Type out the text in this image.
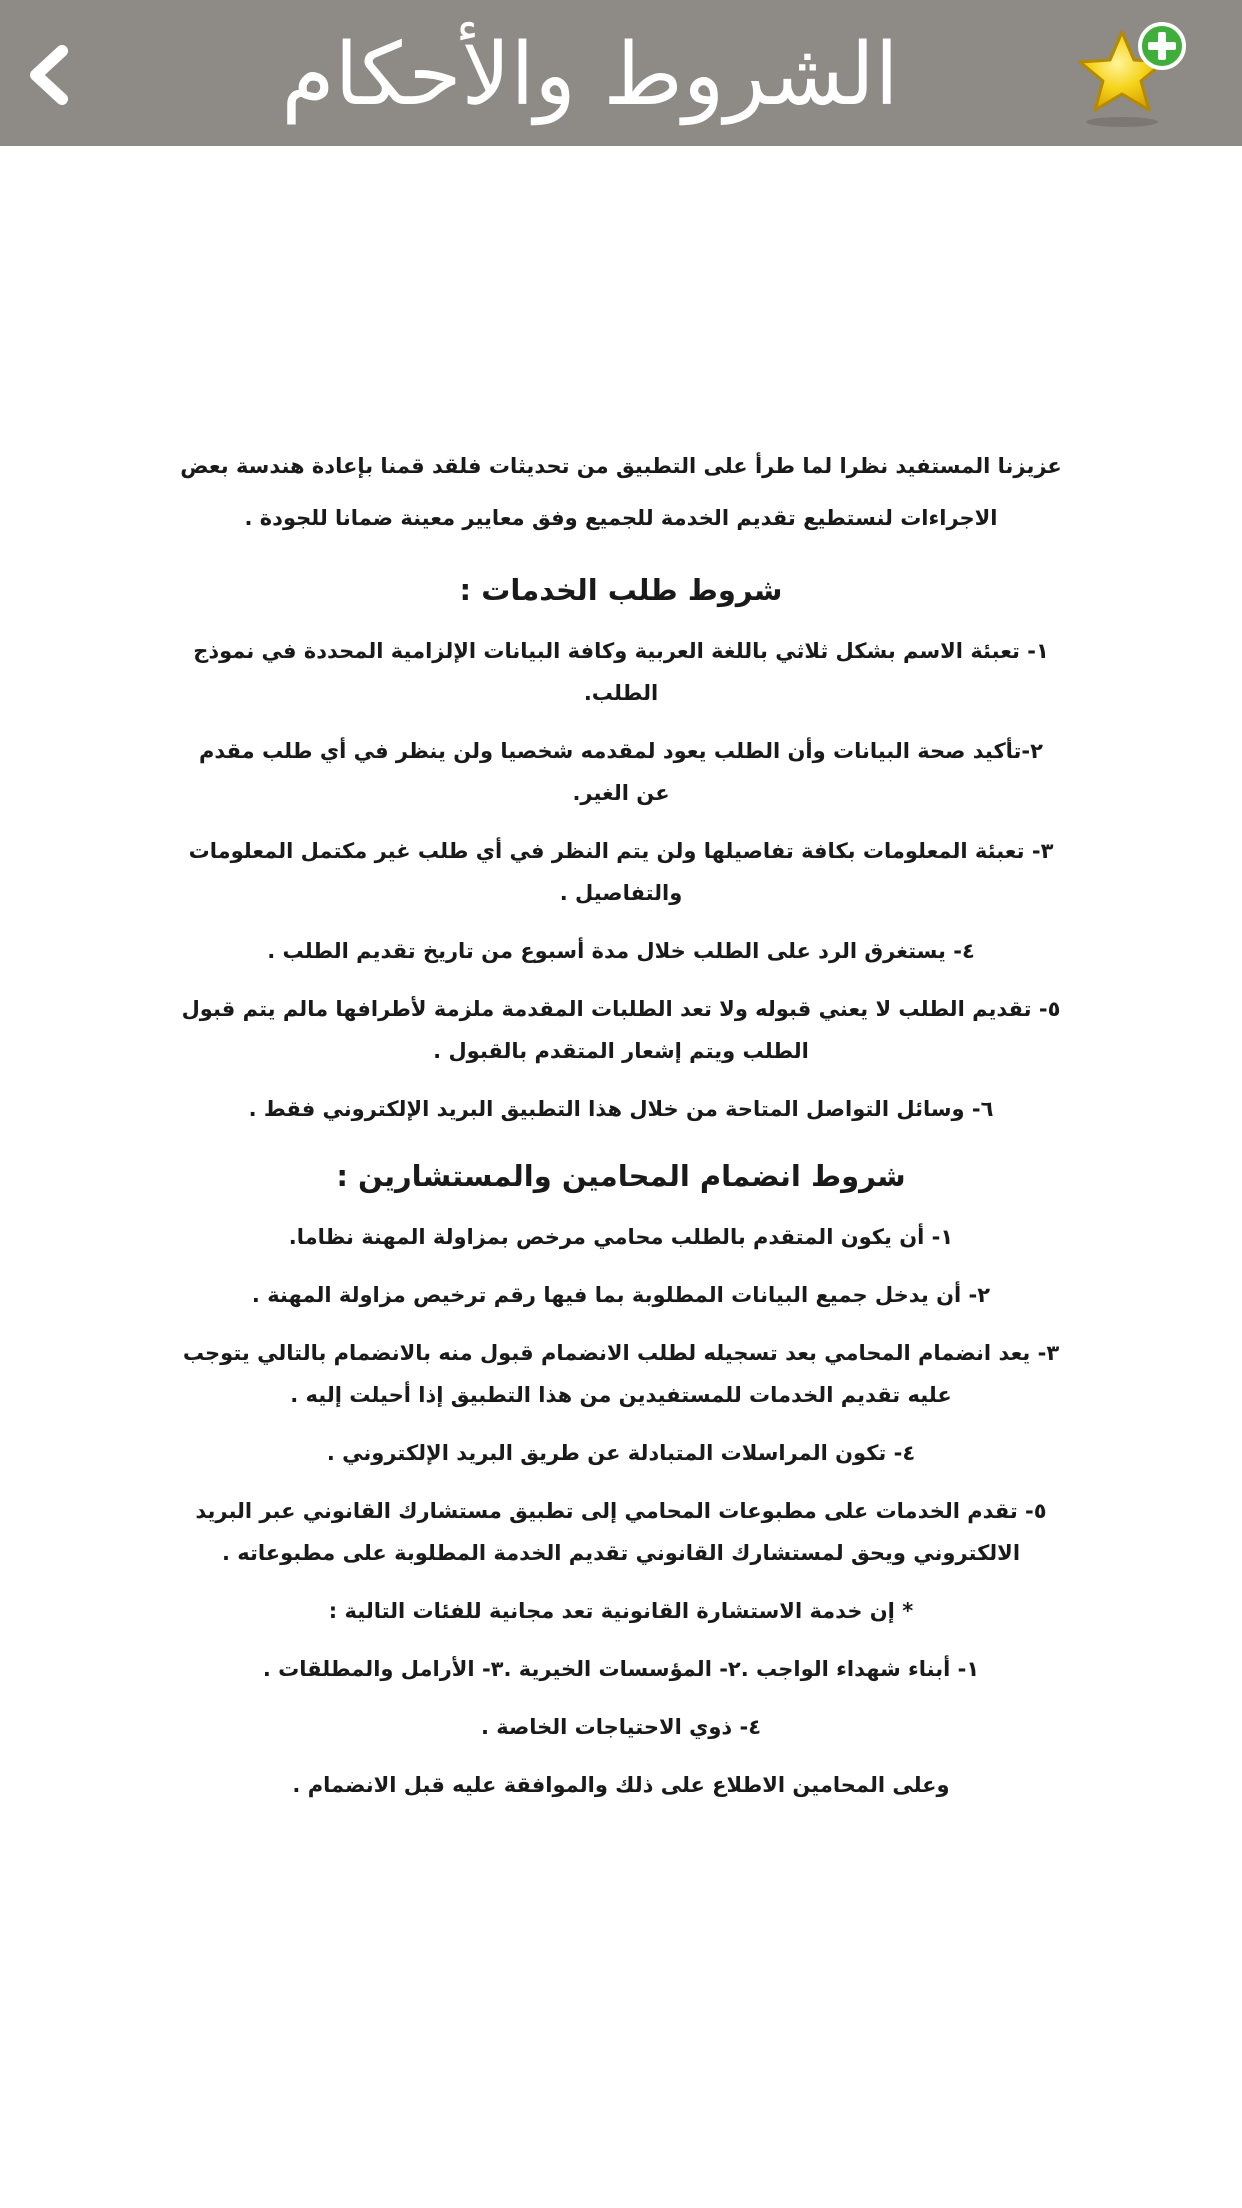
الشروط والأحكام

عزيزنا المستفيد نظرا لما طرأ على التطبيق من تحديثات فلقد قمنا بإعادة هندسة بعض

الاجراءات لنستطيع تقديم الخدمة للجميع وفق معايير معينة ضمانا للجودة .

شروط طلب الخدمات :

١- تعبئة الاسم بشكل ثلاثي باللغة العربية وكافة البيانات الإلزامية المحددة في نموذج الطلب.

٢-تأكيد صحة البيانات وأن الطلب يعود لمقدمه شخصيا ولن ينظر في أي طلب مقدم عن الغير.

٣- تعبئة المعلومات بكافة تفاصيلها ولن يتم النظر في أي طلب غير مكتمل المعلومات والتفاصيل .

٤- يستغرق الرد على الطلب خلال مدة أسبوع من تاريخ تقديم الطلب .

٥- تقديم الطلب لا يعني قبوله ولا تعد الطلبات المقدمة ملزمة لأطرافها مالم يتم قبول الطلب ويتم إشعار المتقدم بالقبول .

٦- وسائل التواصل المتاحة من خلال هذا التطبيق البريد الإلكتروني فقط .

شروط انضمام المحامين والمستشارين :

١- أن يكون المتقدم بالطلب محامي مرخص بمزاولة المهنة نظاما.

٢- أن يدخل جميع البيانات المطلوبة بما فيها رقم ترخيص مزاولة المهنة .

٣- يعد انضمام المحامي بعد تسجيله لطلب الانضمام قبول منه بالانضمام بالتالي يتوجب عليه تقديم الخدمات للمستفيدين من هذا التطبيق إذا أحيلت إليه .

٤- تكون المراسلات المتبادلة عن طريق البريد الإلكتروني .

٥- تقدم الخدمات على مطبوعات المحامي إلى تطبيق مستشارك القانوني عبر البريد الالكتروني ويحق لمستشارك القانوني تقديم الخدمة المطلوبة على مطبوعاته .

* إن خدمة الاستشارة القانونية تعد مجانية للفئات التالية :

١- أبناء شهداء الواجب .٢- المؤسسات الخيرية .٣- الأرامل والمطلقات .

٤- ذوي الاحتياجات الخاصة .

وعلى المحامين الاطلاع على ذلك والموافقة عليه قبل الانضمام .
